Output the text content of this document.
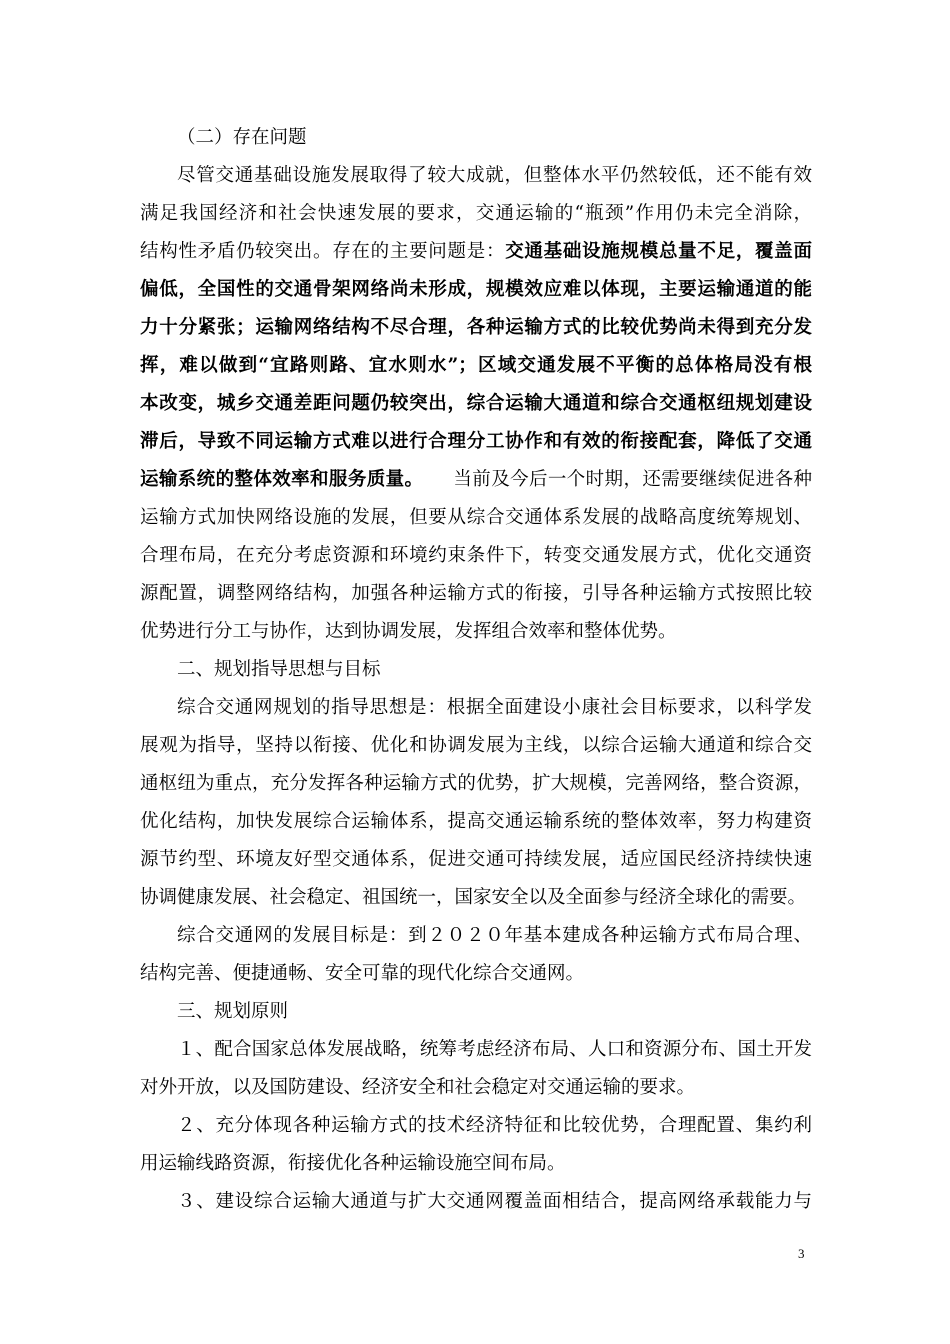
（二）存在问题
尽管交通基础设施发展取得了较大成就，但整体水平仍然较低，还不能有效
满足我国经济和社会快速发展的要求，交通运输的“瓶颈”作用仍未完全消除，
结构性矛盾仍较突出。存在的主要问题是：交通基础设施规模总量不足，覆盖面
偏低，全国性的交通骨架网络尚未形成，规模效应难以体现，主要运输通道的能
力十分紧张；运输网络结构不尽合理，各种运输方式的比较优势尚未得到充分发
挥，难以做到“宜路则路、宜水则水”；区域交通发展不平衡的总体格局没有根
本改变，城乡交通差距问题仍较突出，综合运输大通道和综合交通枢纽规划建设
滞后，导致不同运输方式难以进行合理分工协作和有效的衔接配套，降低了交通
运输系统的整体效率和服务质量。 当前及今后一个时期，还需要继续促进各种
运输方式加快网络设施的发展，但要从综合交通体系发展的战略高度统筹规划、
合理布局，在充分考虑资源和环境约束条件下，转变交通发展方式，优化交通资
源配置，调整网络结构，加强各种运输方式的衔接，引导各种运输方式按照比较
优势进行分工与协作，达到协调发展，发挥组合效率和整体优势。
二、规划指导思想与目标
综合交通网规划的指导思想是：根据全面建设小康社会目标要求，以科学发
展观为指导，坚持以衔接、优化和协调发展为主线，以综合运输大通道和综合交
通枢纽为重点，充分发挥各种运输方式的优势，扩大规模，完善网络，整合资源，
优化结构，加快发展综合运输体系，提高交通运输系统的整体效率，努力构建资
源节约型、环境友好型交通体系，促进交通可持续发展，适应国民经济持续快速
协调健康发展、社会稳定、祖国统一，国家安全以及全面参与经济全球化的需要。
综合交通网的发展目标是：到２０２０年基本建成各种运输方式布局合理、
结构完善、便捷通畅、安全可靠的现代化综合交通网。
三、规划原则
１、配合国家总体发展战略，统筹考虑经济布局、人口和资源分布、国土开发
对外开放，以及国防建设、经济安全和社会稳定对交通运输的要求。
２、充分体现各种运输方式的技术经济特征和比较优势，合理配置、集约利
用运输线路资源，衔接优化各种运输设施空间布局。
３、建设综合运输大通道与扩大交通网覆盖面相结合，提高网络承载能力与
3
